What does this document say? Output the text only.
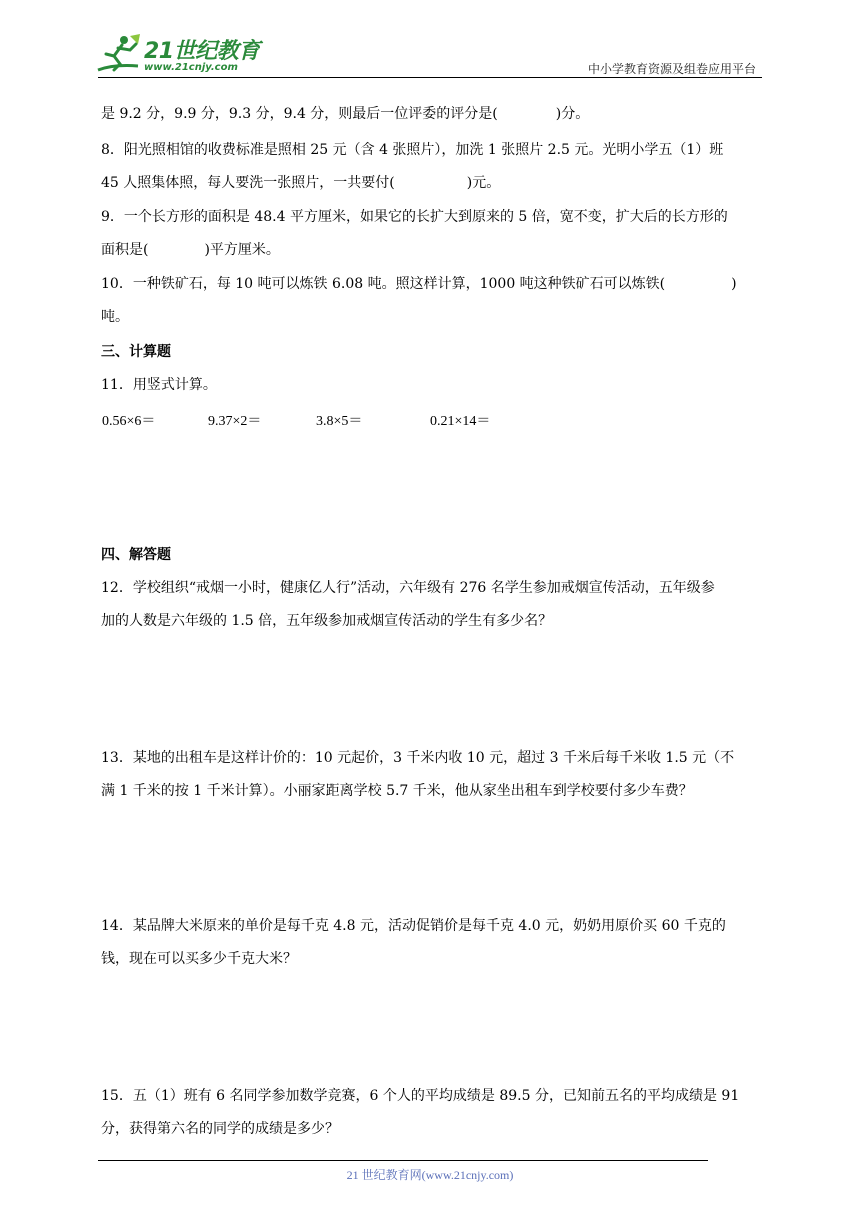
21世纪教育
www.21cnjy.com	中小学教育资源及组卷应用平台
是 9.2 分，9.9 分，9.3 分，9.4 分，则最后一位评委的评分是(	)分。
8．阳光照相馆的收费标准是照相 25 元（含 4 张照片），加洗 1 张照片 2.5 元。光明小学五（1）班
45 人照集体照，每人要洗一张照片，一共要付(	)元。
9．一个长方形的面积是 48.4 平方厘米，如果它的长扩大到原来的 5 倍，宽不变，扩大后的长方形的
面积是(	)平方厘米。
10．一种铁矿石，每 10 吨可以炼铁 6.08 吨。照这样计算，1000 吨这种铁矿石可以炼铁(	)
吨。
三、计算题
11．用竖式计算。
0.56×6＝	9.37×2＝	3.8×5＝	0.21×14＝
四、解答题
12．学校组织“戒烟一小时，健康亿人行”活动，六年级有 276 名学生参加戒烟宣传活动，五年级参
加的人数是六年级的 1.5 倍，五年级参加戒烟宣传活动的学生有多少名？
13．某地的出租车是这样计价的：10 元起价，3 千米内收 10 元，超过 3 千米后每千米收 1.5 元（不
满 1 千米的按 1 千米计算）。小丽家距离学校 5.7 千米，他从家坐出租车到学校要付多少车费？
14．某品牌大米原来的单价是每千克 4.8 元，活动促销价是每千克 4.0 元，奶奶用原价买 60 千克的
钱，现在可以买多少千克大米？
15．五（1）班有 6 名同学参加数学竞赛，6 个人的平均成绩是 89.5 分，已知前五名的平均成绩是 91
分，获得第六名的同学的成绩是多少？
21 世纪教育网(www.21cnjy.com)
